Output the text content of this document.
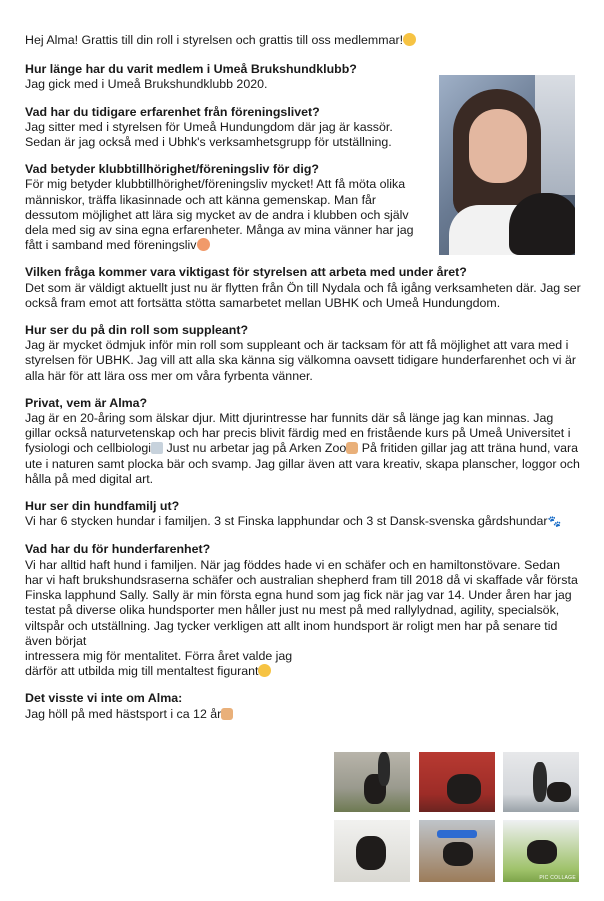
Hej Alma! Grattis till din roll i styrelsen och grattis till oss medlemmar!

Hur länge har du varit medlem i Umeå Brukshundklubb?

Jag gick med i Umeå Brukshundklubb 2020.

Vad har du tidigare erfarenhet från föreningslivet?

Jag sitter med i styrelsen för Umeå Hundungdom där jag är kassör. Sedan är jag också med i Ubhk's verksamhetsgrupp för utställning.

Vad betyder klubbtillhörighet/föreningsliv för dig?

För mig betyder klubbtillhörighet/föreningsliv mycket! Att få möta olika människor, träffa likasinnade och att känna gemenskap. Man får dessutom möjlighet att lära sig mycket av de andra i klubben och själv dela med sig av sina egna erfarenheter. Många av mina vänner har jag fått i samband med föreningsliv

Vilken fråga kommer vara viktigast för styrelsen att arbeta med under året?

Det som är väldigt aktuellt just nu är flytten från Ön till Nydala och få igång verksamheten där. Jag ser också fram emot att fortsätta stötta samarbetet mellan UBHK och Umeå Hundungdom.

Hur ser du på din roll som suppleant?

Jag är mycket ödmjuk inför min roll som suppleant och är tacksam för att få möjlighet att vara med i styrelsen för UBHK. Jag vill att alla ska känna sig välkomna oavsett tidigare hunderfarenhet och vi är alla här för att lära oss mer om våra fyrbenta vänner.

Privat, vem är Alma?

Jag är en 20-åring som älskar djur. Mitt djurintresse har funnits där så länge jag kan minnas. Jag gillar också naturvetenskap och har precis blivit färdig med en fristående kurs på Umeå Universitet i fysiologi och cellbiologi Just nu arbetar jag på Arken Zoo På fritiden gillar jag att träna hund, vara ute i naturen samt plocka bär och svamp. Jag gillar även att vara kreativ, skapa planscher, loggor och hålla på med digital art.

Hur ser din hundfamilj ut?

Vi har 6 stycken hundar i familjen. 3 st Finska lapphundar och 3 st Dansk-svenska gårdshundar🐾

Vad har du för hunderfarenhet?

Vi har alltid haft hund i familjen. När jag föddes hade vi en schäfer och en hamiltonstövare. Sedan har vi haft brukshundsraserna schäfer och australian shepherd fram till 2018 då vi skaffade vår första Finska lapphund Sally. Sally är min första egna hund som jag fick när jag var 14. Under åren har jag testat på diverse olika hundsporter men håller just nu mest på med rallylydnad, agility, specialsök, viltspår och utställning. Jag tycker verkligen att allt inom hundsport är roligt men har på senare tid även börjat

intressera mig för mentalitet. Förra året valde jag

därför att utbilda mig till mentaltest figurant

Det visste vi inte om Alma:

Jag höll på med hästsport i ca 12 år

PIC COLLAGE
